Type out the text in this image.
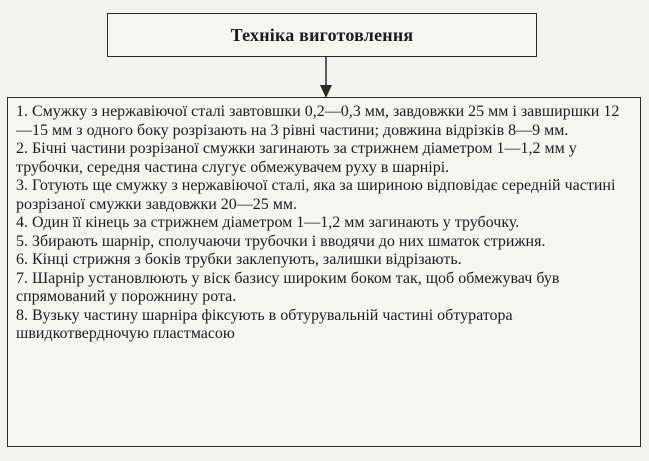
Техніка виготовлення

1. Смужку з нержавіючої сталі завтовшки 0,2—0,3 мм, завдовжки 25 мм і завширшки 12—15 мм з одного боку розрізають на 3 рівні частини; довжина відрізків 8—9 мм.

2. Бічні частини розрізаної смужки загинають за стрижнем діаметром 1—1,2 мм у трубочки, середня частина слугує обмежувачем руху в шарнірі.

3. Готують ще смужку з нержавіючої сталі, яка за шириною відповідає середній частині розрізаної смужки завдовжки 20—25 мм.

4. Один її кінець за стрижнем діаметром 1—1,2 мм загинають у трубочку.

5. Збирають шарнір, сполучаючи трубочки і вводячи до них шматок стрижня.

6. Кінці стрижня з боків трубки заклепують, залишки відрізають.

7. Шарнір установлюють у віск базису широким боком так, щоб обмежувач був спрямований у порожнину рота.

8. Вузьку частину шарніра фіксують в обтурувальній частині обтуратора швидкотвердночую пластмасою
